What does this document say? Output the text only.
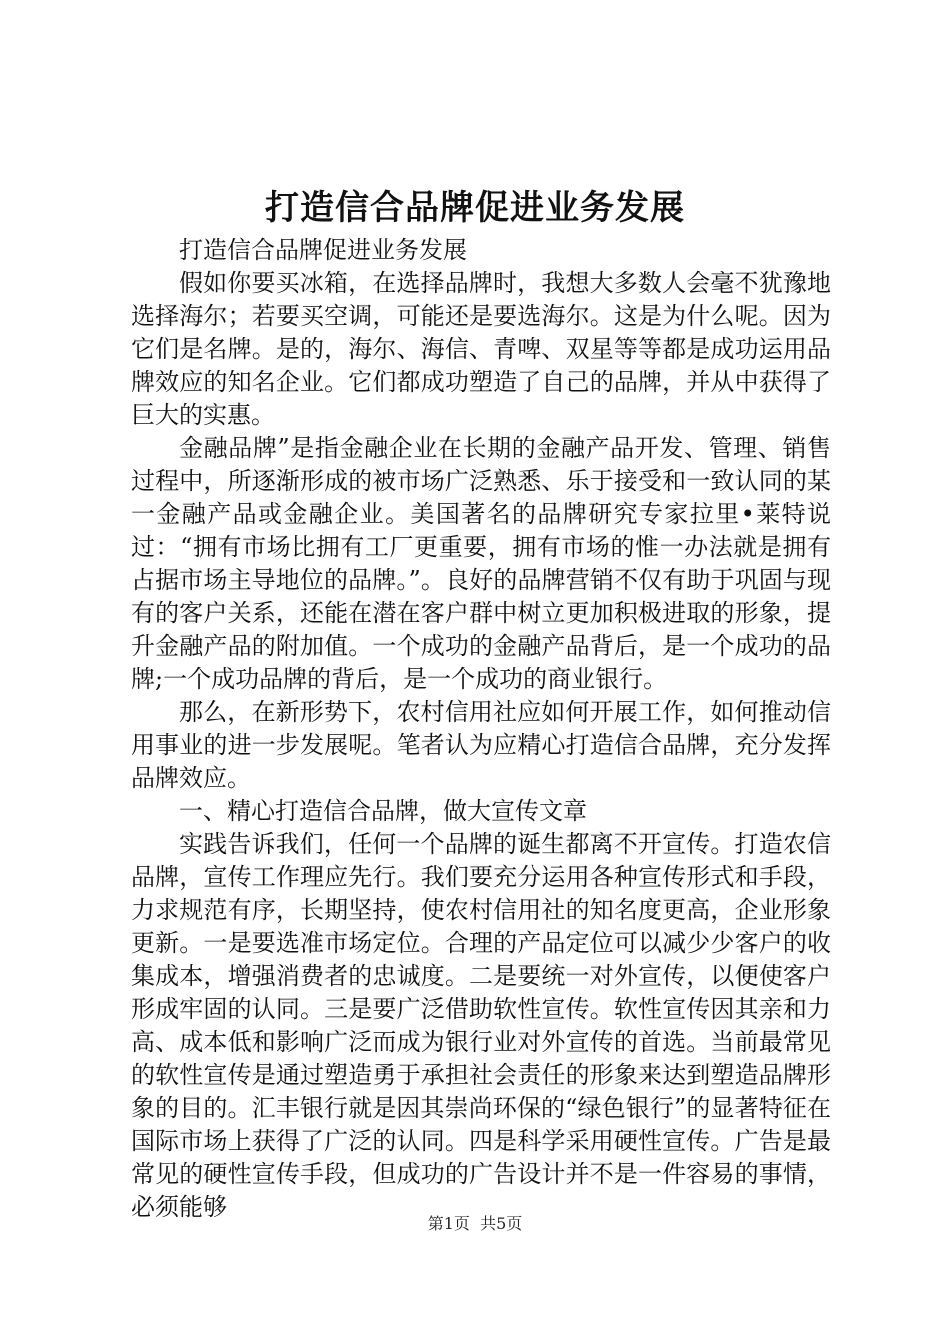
打造信合品牌促进业务发展

打造信合品牌促进业务发展

假如你要买冰箱，在选择品牌时，我想大多数人会毫不犹豫地选择海尔；若要买空调，可能还是要选海尔。这是为什么呢。因为它们是名牌。是的，海尔、海信、青啤、双星等等都是成功运用品牌效应的知名企业。它们都成功塑造了自己的品牌，并从中获得了巨大的实惠。

金融品牌”是指金融企业在长期的金融产品开发、管理、销售过程中，所逐渐形成的被市场广泛熟悉、乐于接受和一致认同的某一金融产品或金融企业。美国著名的品牌研究专家拉里•莱特说过：“拥有市场比拥有工厂更重要，拥有市场的惟一办法就是拥有占据市场主导地位的品牌。”。良好的品牌营销不仅有助于巩固与现有的客户关系，还能在潜在客户群中树立更加积极进取的形象，提升金融产品的附加值。一个成功的金融产品背后，是一个成功的品牌;一个成功品牌的背后，是一个成功的商业银行。

那么，在新形势下，农村信用社应如何开展工作，如何推动信用事业的进一步发展呢。笔者认为应精心打造信合品牌，充分发挥品牌效应。

一、精心打造信合品牌，做大宣传文章

实践告诉我们，任何一个品牌的诞生都离不开宣传。打造农信品牌，宣传工作理应先行。我们要充分运用各种宣传形式和手段，力求规范有序，长期坚持，使农村信用社的知名度更高，企业形象更新。一是要选准市场定位。合理的产品定位可以减少少客户的收集成本，增强消费者的忠诚度。二是要统一对外宣传，以便使客户形成牢固的认同。三是要广泛借助软性宣传。软性宣传因其亲和力高、成本低和影响广泛而成为银行业对外宣传的首选。当前最常见的软性宣传是通过塑造勇于承担社会责任的形象来达到塑造品牌形象的目的。汇丰银行就是因其崇尚环保的“绿色银行”的显著特征在国际市场上获得了广泛的认同。四是科学采用硬性宣传。广告是最常见的硬性宣传手段，但成功的广告设计并不是一件容易的事情，必须能够

第1页  共5页
